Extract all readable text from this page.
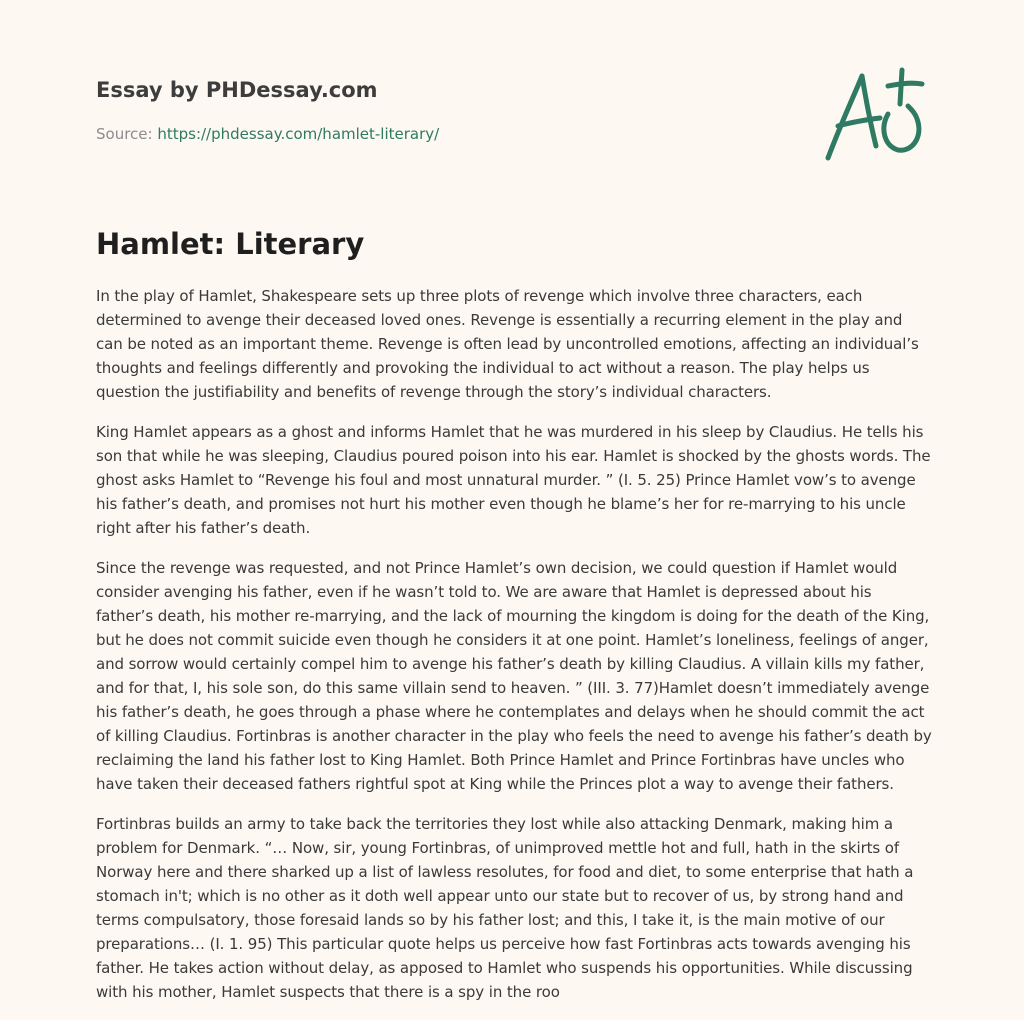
Essay by PHDessay.com
Source: https://phdessay.com/hamlet-literary/
Hamlet: Literary

In the play of Hamlet, Shakespeare sets up three plots of revenge which involve three characters, each determined to avenge their deceased loved ones. Revenge is essentially a recurring element in the play and can be noted as an important theme. Revenge is often lead by uncontrolled emotions, affecting an individual’s thoughts and feelings differently and provoking the individual to act without a reason. The play helps us question the justifiability and benefits of revenge through the story’s individual characters.

King Hamlet appears as a ghost and informs Hamlet that he was murdered in his sleep by Claudius. He tells his son that while he was sleeping, Claudius poured poison into his ear. Hamlet is shocked by the ghosts words. The ghost asks Hamlet to “Revenge his foul and most unnatural murder. ” (I. 5. 25) Prince Hamlet vow’s to avenge his father’s death, and promises not hurt his mother even though he blame’s her for re-marrying to his uncle right after his father’s death.

Since the revenge was requested, and not Prince Hamlet’s own decision, we could question if Hamlet would consider avenging his father, even if he wasn’t told to. We are aware that Hamlet is depressed about his father’s death, his mother re-marrying, and the lack of mourning the kingdom is doing for the death of the King, but he does not commit suicide even though he considers it at one point. Hamlet’s loneliness, feelings of anger, and sorrow would certainly compel him to avenge his father’s death by killing Claudius. A villain kills my father, and for that, I, his sole son, do this same villain send to heaven. ” (III. 3. 77)Hamlet doesn’t immediately avenge his father’s death, he goes through a phase where he contemplates and delays when he should commit the act of killing Claudius. Fortinbras is another character in the play who feels the need to avenge his father’s death by reclaiming the land his father lost to King Hamlet. Both Prince Hamlet and Prince Fortinbras have uncles who have taken their deceased fathers rightful spot at King while the Princes plot a way to avenge their fathers.

Fortinbras builds an army to take back the territories they lost while also attacking Denmark, making him a problem for Denmark. “… Now, sir, young Fortinbras, of unimproved mettle hot and full, hath in the skirts of Norway here and there sharked up a list of lawless resolutes, for food and diet, to some enterprise that hath a stomach in't; which is no other as it doth well appear unto our state but to recover of us, by strong hand and terms compulsatory, those foresaid lands so by his father lost; and this, I take it, is the main motive of our preparations… (I. 1. 95) This particular quote helps us perceive how fast Fortinbras acts towards avenging his father. He takes action without delay, as apposed to Hamlet who suspends his opportunities. While discussing with his mother, Hamlet suspects that there is a spy in the roo
